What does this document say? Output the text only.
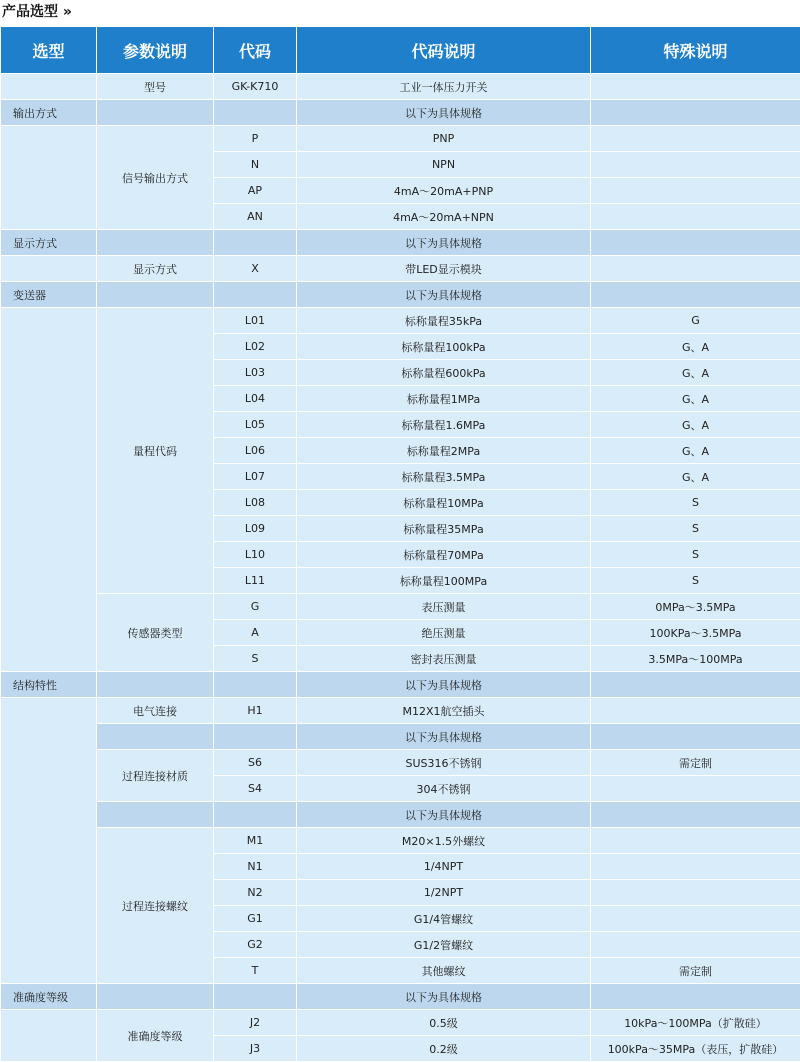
产品选型 »
选型	参数说明	代码	代码说明	特殊说明
	型号	GK-K710	工业一体压力开关	
输出方式			以下为具体规格	
	信号输出方式	P	PNP	
		N	NPN	
		AP	4mA～20mA+PNP	
		AN	4mA～20mA+NPN	
显示方式			以下为具体规格	
	显示方式	X	带LED显示模块	
变送器			以下为具体规格	
	量程代码	L01	标称量程35kPa	G
		L02	标称量程100kPa	G、A
		L03	标称量程600kPa	G、A
		L04	标称量程1MPa	G、A
		L05	标称量程1.6MPa	G、A
		L06	标称量程2MPa	G、A
		L07	标称量程3.5MPa	G、A
		L08	标称量程10MPa	S
		L09	标称量程35MPa	S
		L10	标称量程70MPa	S
		L11	标称量程100MPa	S
	传感器类型	G	表压测量	0MPa～3.5MPa
		A	绝压测量	100KPa～3.5MPa
		S	密封表压测量	3.5MPa～100MPa
结构特性			以下为具体规格	
	电气连接	H1	M12X1航空插头	
			以下为具体规格	
	过程连接材质	S6	SUS316不锈钢	需定制
		S4	304不锈钢	
			以下为具体规格	
	过程连接螺纹	M1	M20×1.5外螺纹	
		N1	1/4NPT	
		N2	1/2NPT	
		G1	G1/4管螺纹	
		G2	G1/2管螺纹	
		T	其他螺纹	需定制
准确度等级			以下为具体规格	
	准确度等级	J2	0.5级	10kPa～100MPa（扩散硅）
		J3	0.2级	100kPa～35MPa（表压，扩散硅）
